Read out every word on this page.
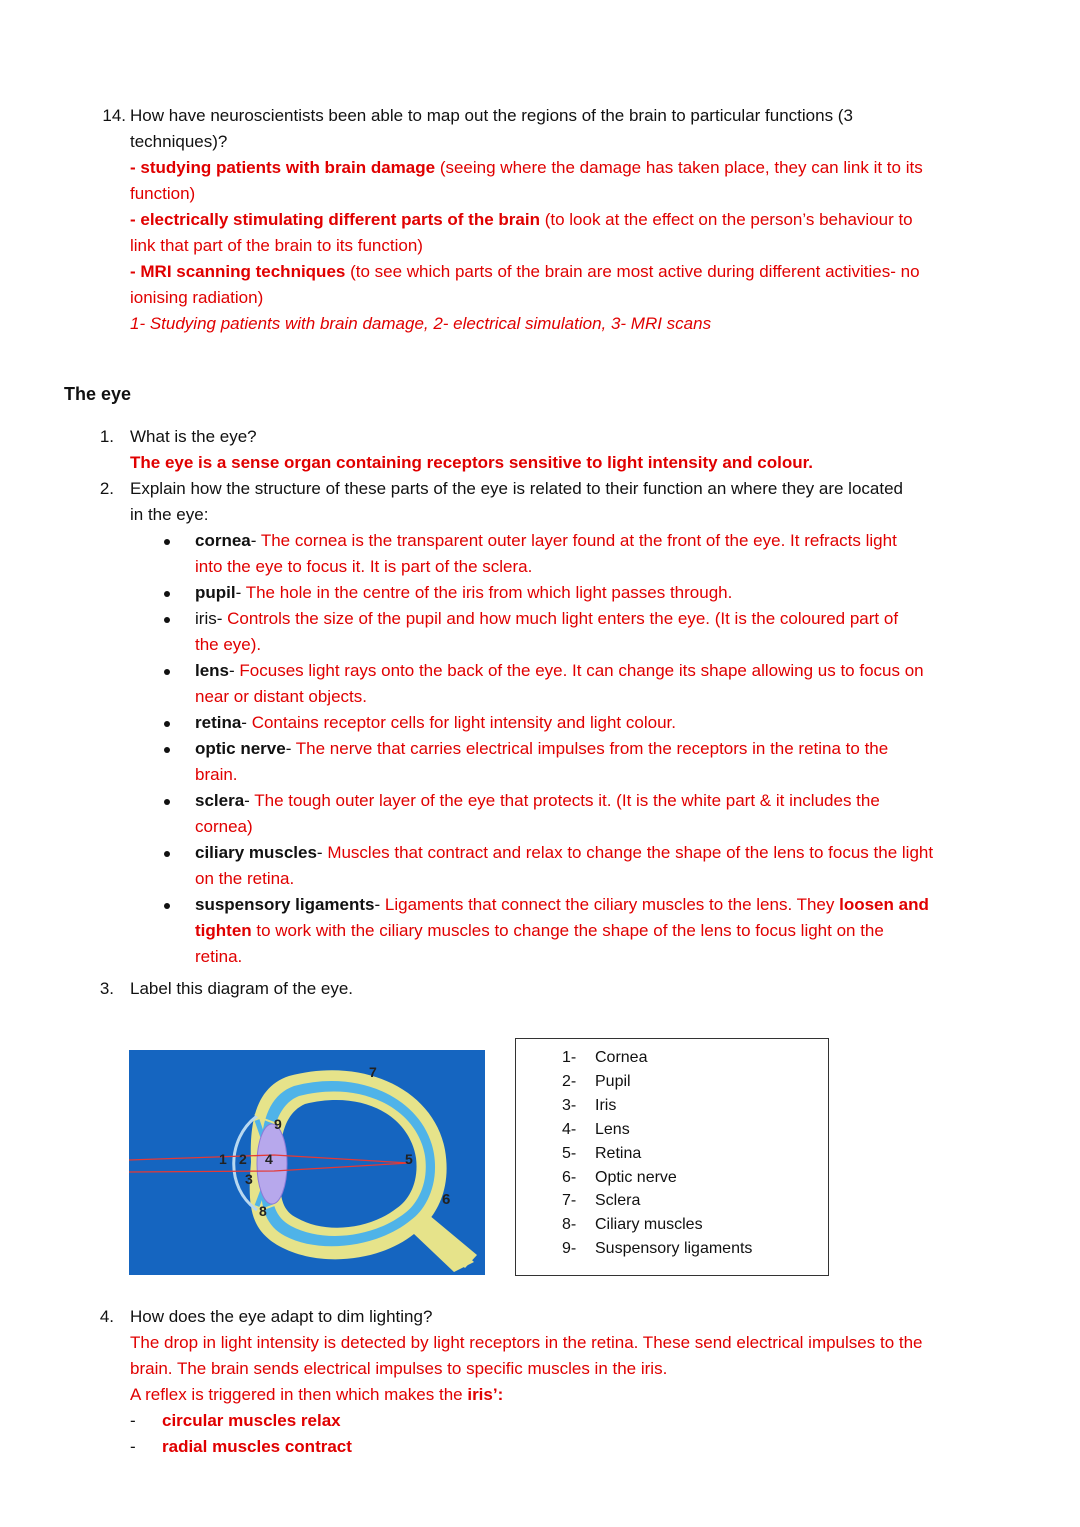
14. How have neuroscientists been able to map out the regions of the brain to particular functions (3
techniques)?
- studying patients with brain damage (seeing where the damage has taken place, they can link it to its
function)
- electrically stimulating different parts of the brain (to look at the effect on the person’s behaviour to
link that part of the brain to its function)
- MRI scanning techniques (to see which parts of the brain are most active during different activities- no
ionising radiation)
1- Studying patients with brain damage, 2- electrical simulation, 3- MRI scans
The eye
1. What is the eye?
The eye is a sense organ containing receptors sensitive to light intensity and colour.
2. Explain how the structure of these parts of the eye is related to their function an where they are located
in the eye:
cornea- The cornea is the transparent outer layer found at the front of the eye. It refracts light
into the eye to focus it. It is part of the sclera.
pupil- The hole in the centre of the iris from which light passes through.
iris- Controls the size of the pupil and how much light enters the eye. (It is the coloured part of
the eye).
lens- Focuses light rays onto the back of the eye. It can change its shape allowing us to focus on
near or distant objects.
retina- Contains receptor cells for light intensity and light colour.
optic nerve- The nerve that carries electrical impulses from the receptors in the retina to the
brain.
sclera- The tough outer layer of the eye that protects it. (It is the white part & it includes the
cornea)
ciliary muscles- Muscles that contract and relax to change the shape of the lens to focus the light
on the retina.
suspensory ligaments- Ligaments that connect the ciliary muscles to the lens. They loosen and
tighten to work with the ciliary muscles to change the shape of the lens to focus light on the
retina.
3. Label this diagram of the eye.
1 2
3
4	5
6
7
8
9
1- Cornea
2- Pupil
3- Iris
4- Lens
5- Retina
6- Optic nerve
7- Sclera
8- Ciliary muscles
9- Suspensory ligaments
4. How does the eye adapt to dim lighting?
The drop in light intensity is detected by light receptors in the retina. These send electrical impulses to the
brain. The brain sends electrical impulses to specific muscles in the iris.
A reflex is triggered in then which makes the iris’:
- circular muscles relax
- radial muscles contract
